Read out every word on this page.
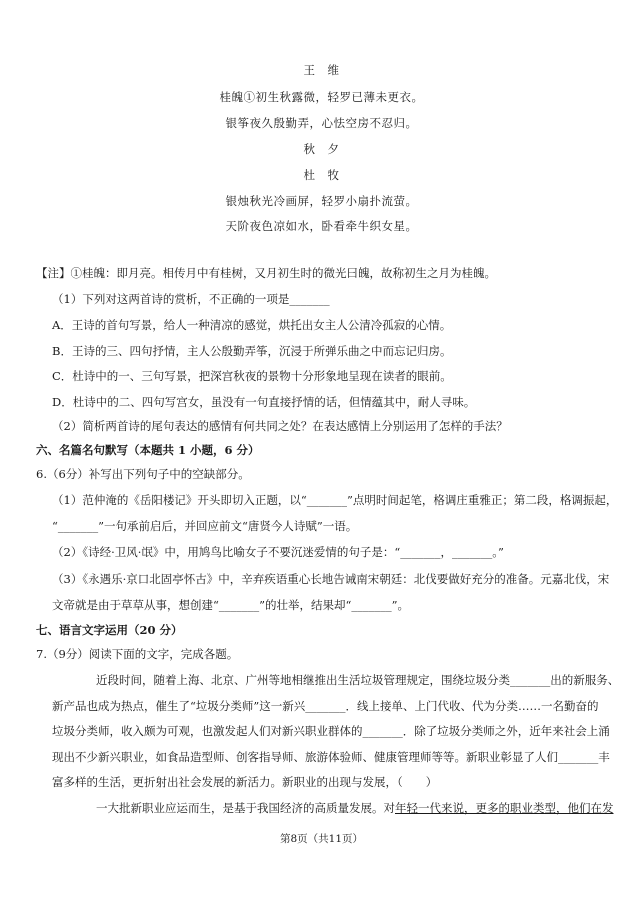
王　维
桂魄①初生秋露微，轻罗已薄未更衣。
银筝夜久殷勤弄，心怯空房不忍归。
秋　夕
杜　牧
银烛秋光冷画屏，轻罗小扇扑流萤。
天阶夜色凉如水，卧看牵牛织女星。
【注】①桂魄：即月亮。相传月中有桂树，又月初生时的微光曰魄，故称初生之月为桂魄。
（1）下列对这两首诗的赏析，不正确的一项是_______
A．王诗的首句写景，给人一种清凉的感觉，烘托出女主人公清冷孤寂的心情。
B．王诗的三、四句抒情，主人公殷勤弄筝，沉浸于所弹乐曲之中而忘记归房。
C．杜诗中的一、三句写景，把深宫秋夜的景物十分形象地呈现在读者的眼前。
D．杜诗中的二、四句写宫女，虽没有一句直接抒情的话，但情蕴其中，耐人寻味。
（2）简析两首诗的尾句表达的感情有何共同之处？在表达感情上分别运用了怎样的手法？
六、名篇名句默写（本题共 1 小题，6 分）
6.（6分）补写出下列句子中的空缺部分。
（1）范仲淹的《岳阳楼记》开头即切入正题，以“_______”点明时间起笔，格调庄重雅正；第二段，格调振起，
“_______”一句承前启后，并回应前文“唐贤今人诗赋”一语。
（2）《诗经·卫风·氓》中，用鸠鸟比喻女子不要沉迷爱情的句子是：“_______，_______。”
（3）《永遇乐·京口北固亭怀古》中，辛弃疾语重心长地告诫南宋朝廷：北伐要做好充分的准备。元嘉北伐，宋
文帝就是由于草草从事，想创建“_______”的壮举，结果却“_______”。
七、语言文字运用（20 分）
7.（9分）阅读下面的文字，完成各题。
近段时间，随着上海、北京、广州等地相继推出生活垃圾管理规定，围绕垃圾分类_______出的新服务、
新产品也成为热点，催生了“垃圾分类师”这一新兴_______．线上接单、上门代收、代为分类……一名勤奋的
垃圾分类师，收入颇为可观，也激发起人们对新兴职业群体的_______．除了垃圾分类师之外，近年来社会上涌
现出不少新兴职业，如食品造型师、创客指导师、旅游体验师、健康管理师等等。新职业彰显了人们_______丰
富多样的生活，更折射出社会发展的新活力。新职业的出现与发展，（　　）
一大批新职业应运而生，是基于我国经济的高质量发展。对年轻一代来说，更多的职业类型，他们在发
第8页（共11页）
